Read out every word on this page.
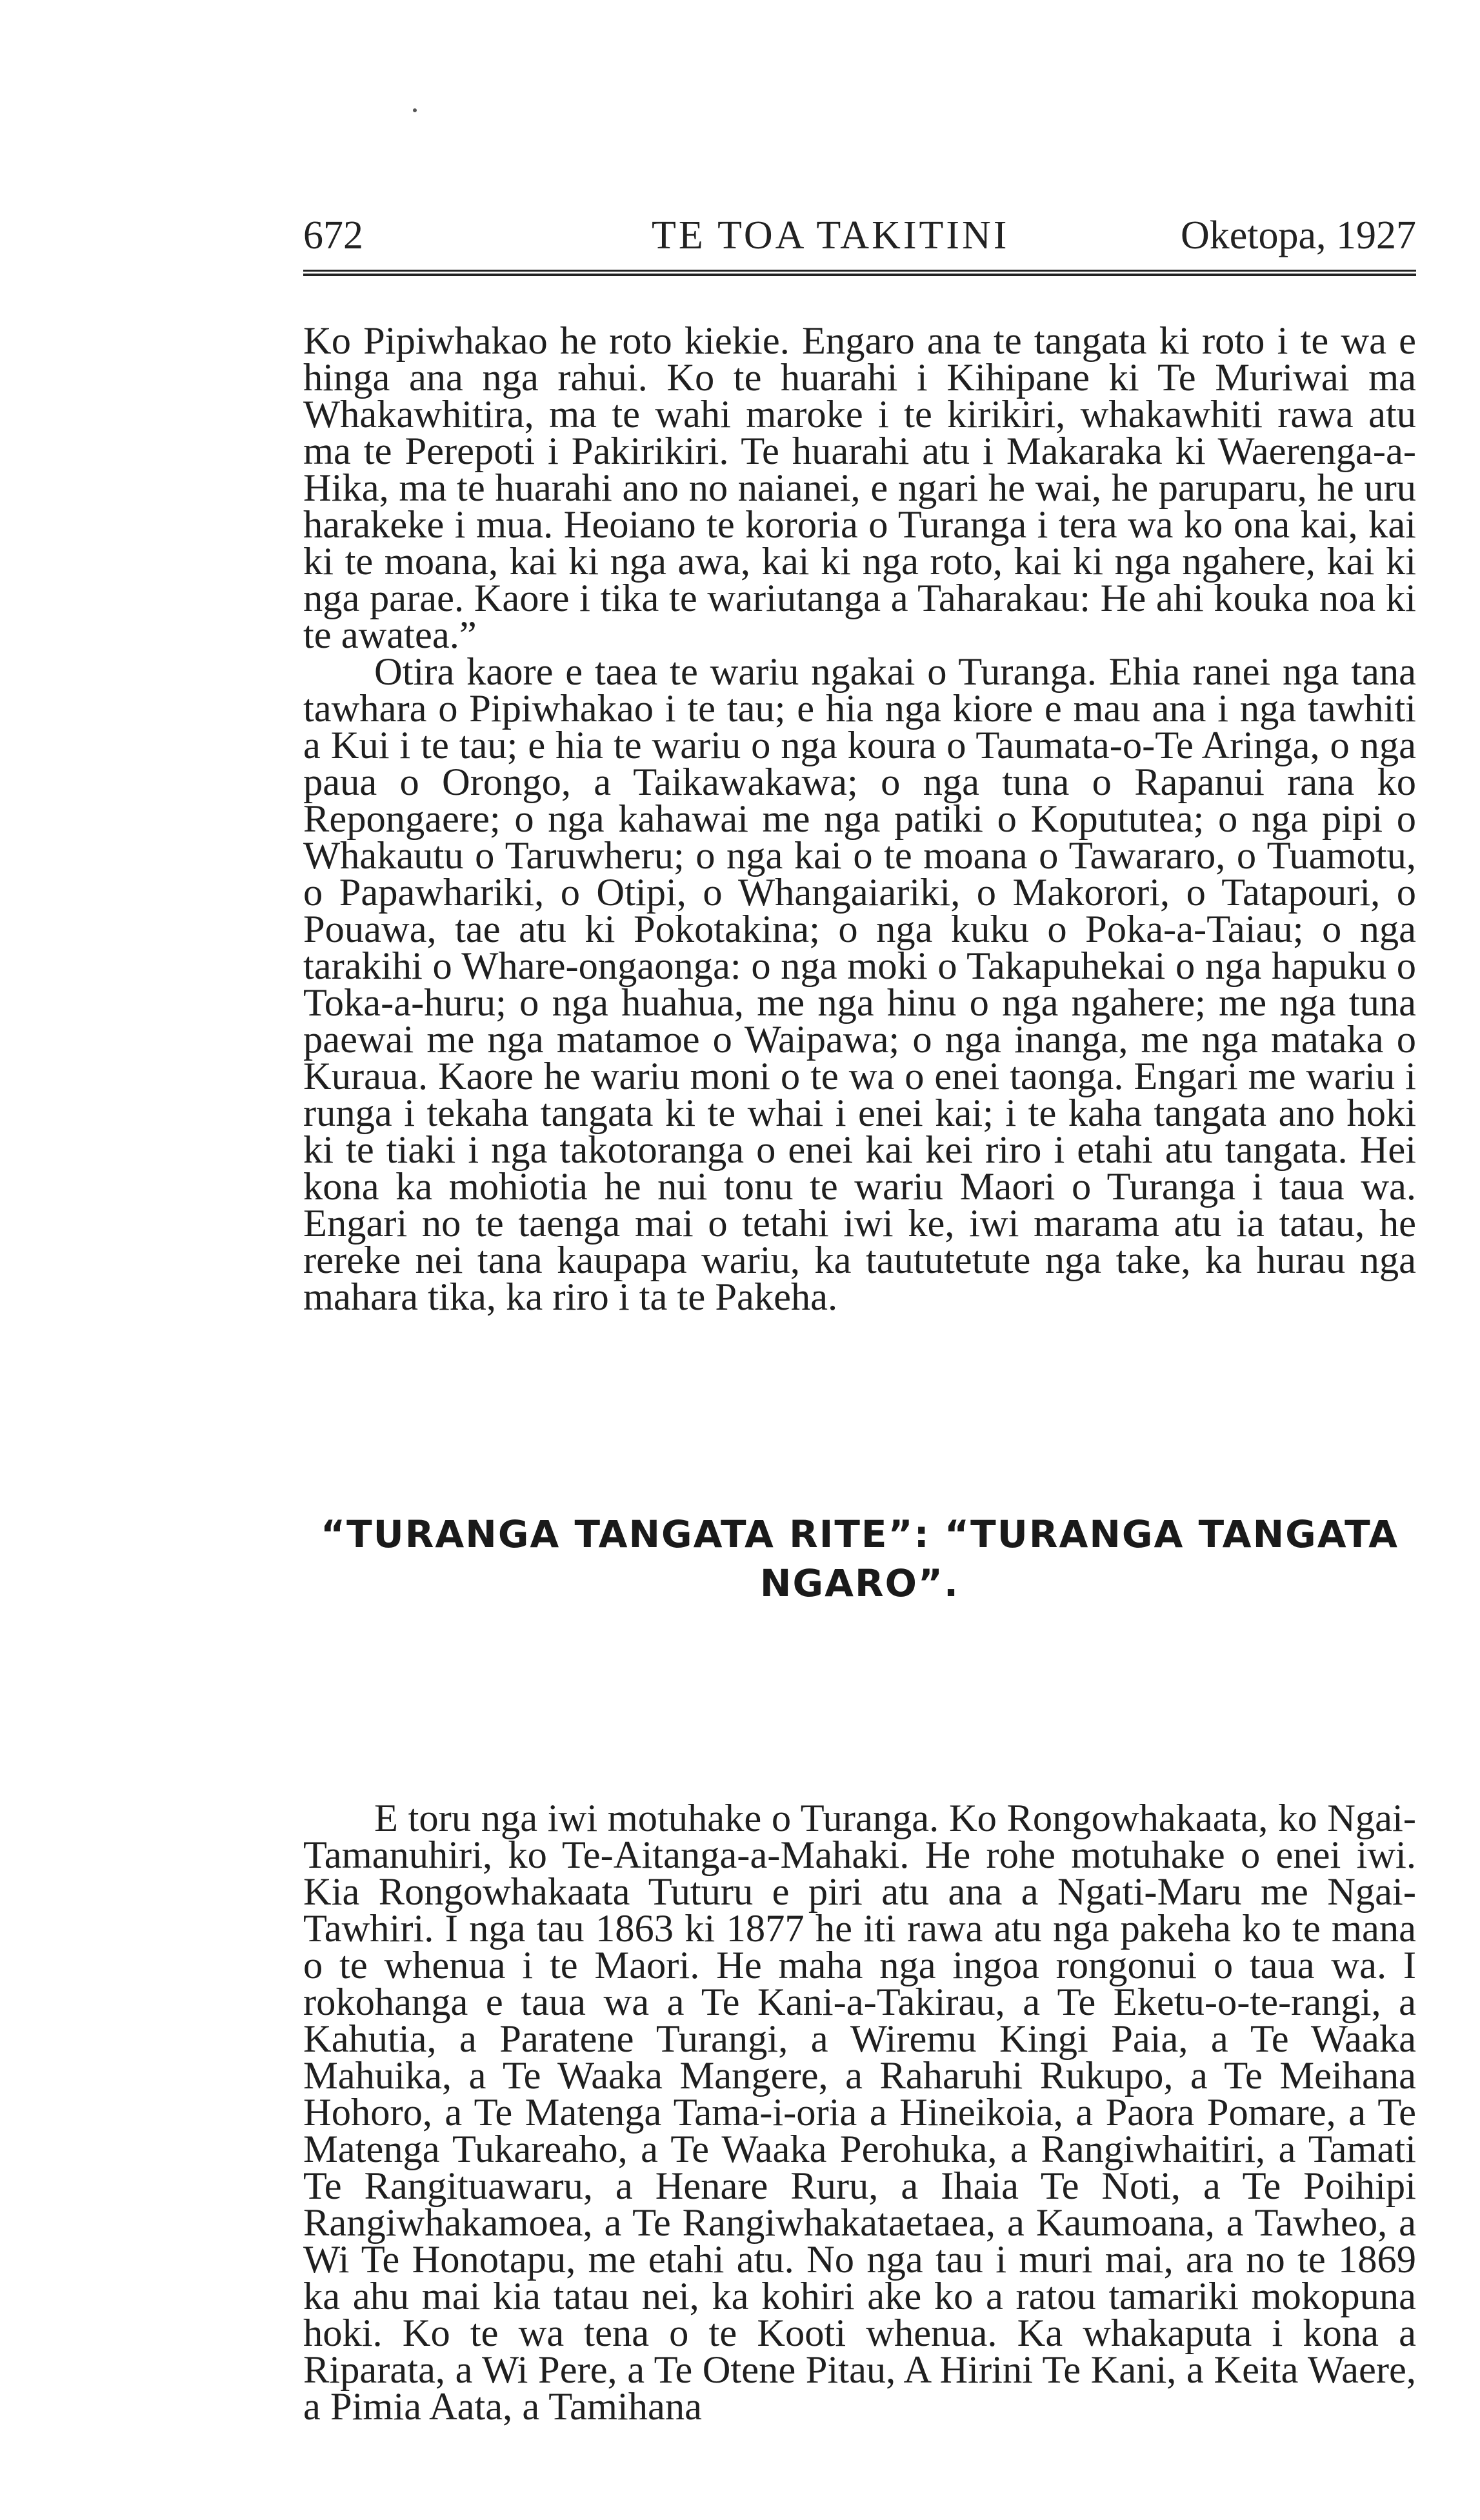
672	TE TOA TAKITINI	Oketopa, 1927

Ko Pipiwhakao he roto kiekie. Engaro ana te tangata ki roto i te wa e hinga ana nga rahui. Ko te huarahi i Kihipane ki Te Muriwai ma Whakawhitira, ma te wahi maroke i te kirikiri, whakawhiti rawa atu ma te Perepoti i Pakirikiri. Te huarahi atu i Makaraka ki Waerenga-a-Hika, ma te huarahi ano no naianei, e ngari he wai, he paruparu, he uru harakeke i mua. Heoiano te kororia o Turanga i tera wa ko ona kai, kai ki te moana, kai ki nga awa, kai ki nga roto, kai ki nga ngahere, kai ki nga parae. Kaore i tika te wariutanga a Taharakau: He ahi kouka noa ki te awatea.”

Otira kaore e taea te wariu ngakai o Turanga. Ehia ranei nga tana tawhara o Pipiwhakao i te tau; e hia nga kiore e mau ana i nga tawhiti a Kui i te tau; e hia te wariu o nga koura o Taumata-o-Te Aringa, o nga paua o Orongo, a Taikawakawa; o nga tuna o Rapanui rana ko Repongaere; o nga kahawai me nga patiki o Kopututeа; o nga pipi o Whakautu o Taruwheru; o nga kai o te moana o Tawararo, o Tuamotu, o Papawhariki, o Otipi, o Whangaiariki, o Makorori, o Tatapouri, o Pouawa, tae atu ki Pokotakina; o nga kuku o Poka-a-Taiau; o nga tarakihi o Whare-ongaonga: o nga moki o Takapuhekai o nga hapuku o Toka-a-huru; o nga huahua, me nga hinu o nga ngahere; me nga tuna paewai me nga matamoe o Waipawa; o nga inanga, me nga mataka o Kuraua. Kaore he wariu moni o te wa o enei taonga. Engari me wariu i runga i tekaha tangata ki te whai i enei kai; i te kaha tangata ano hoki ki te tiaki i nga takotoranga o enei kai kei riro i etahi atu tangata. Hei kona ka mohiotia he nui tonu te wariu Maori o Turanga i taua wa. Engari no te taenga mai o tetahi iwi ke, iwi marama atu ia tatau, he rereke nei tana kaupapa wariu, ka taututetute nga take, ka hurau nga mahara tika, ka riro i ta te Pakeha.

“TURANGA TANGATA RITE”: “TURANGA TANGATA NGARO”.

E toru nga iwi motuhake o Turanga. Ko Rongowhakaata, ko Ngai-Tamanuhiri, ko Te-Aitanga-a-Mahaki. He rohe motuhake o enei iwi. Kia Rongowhakaata Tuturu e piri atu ana a Ngati-Maru me Ngai-Tawhiri. I nga tau 1863 ki 1877 he iti rawa atu nga pakeha ko te mana o te whenua i te Maori. He maha nga ingoa rongonui o taua wa. I rokohanga e taua wa a Te Kani-a-Takirau, a Te Eketu-o-te-rangi, a Kahutia, a Paratene Turangi, a Wiremu Kingi Paia, a Te Waaka Mahuika, a Te Waaka Mangere, a Raharuhi Rukupo, a Te Meihana Hohoro, a Te Matenga Tama-i-oria a Hineikoia, a Paora Pomare, a Te Matenga Tukareaho, a Te Waaka Perohuka, a Rangiwhaitiri, a Tamati Te Rangituawaru, a Henare Ruru, a Ihaia Te Noti, a Te Poihipi Rangiwhakamoea, a Te Rangiwhakataetaea, a Kaumoana, a Tawheo, a Wi Te Honotapu, me etahi atu. No nga tau i muri mai, ara no te 1869 ka ahu mai kia tatau nei, ka kohiri ake ko a ratou tamariki mokopuna hoki. Ko te wa tena o te Kooti whenua. Ka whakaputa i kona a Riparata, a Wi Pere, a Te Otene Pitau, A Hirini Te Kani, a Keita Waere, a Pimia Aata, a Tamihana
